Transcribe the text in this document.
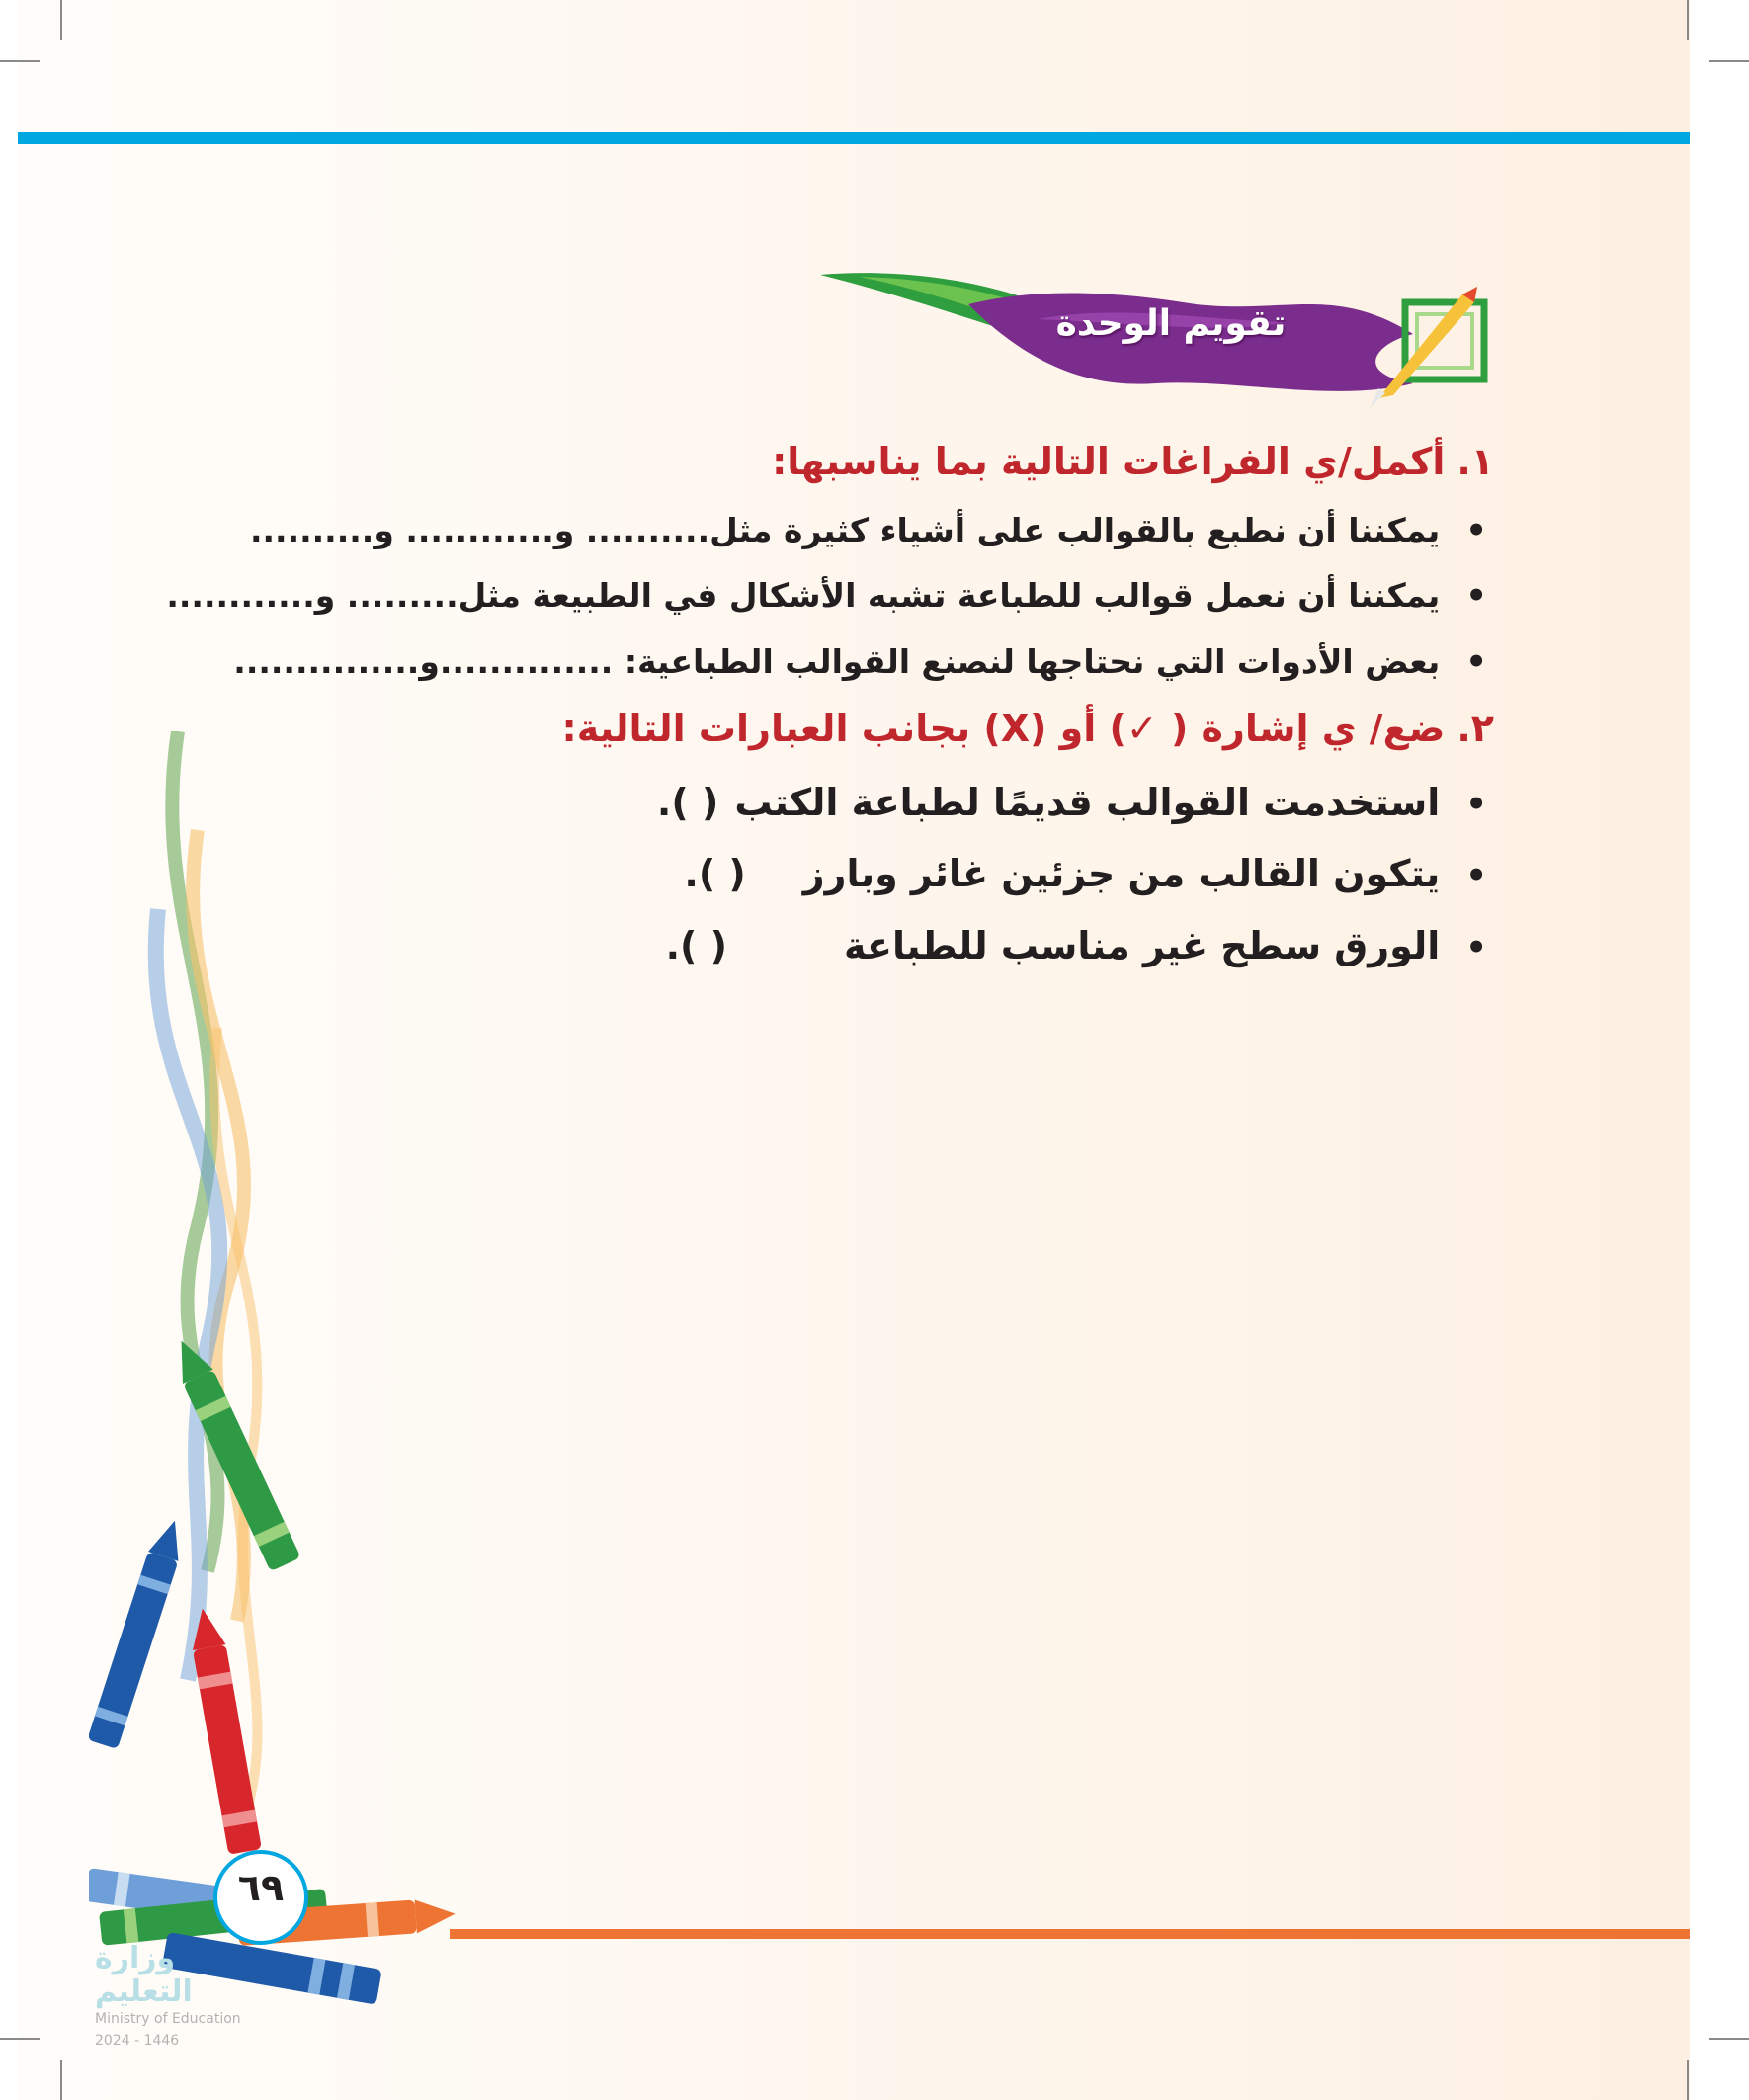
تقويم الوحدة
١.أكمل/ي الفراغات التالية بما يناسبها:
•
يمكننا أن نطبع بالقوالب على أشياء كثيرة مثل.......... و............ و..........
•
يمكننا أن نعمل قوالب للطباعة تشبه الأشكال في الطبيعة مثل......... و............
•
بعض الأدوات التي نحتاجها لنصنع القوالب الطباعية: ..............و...............
٢.ضع/ ي إشارة ( ✓) أو (X) بجانب العبارات التالية:
•
استخدمت القوالب قديمًا لطباعة الكتب
( ).
•
يتكون القالب من جزئين غائر وبارز
( ).
•
الورق سطح غير مناسب للطباعة
( ).
٦٩
وزارة التعليم
Ministry of Education
2024 - 1446
